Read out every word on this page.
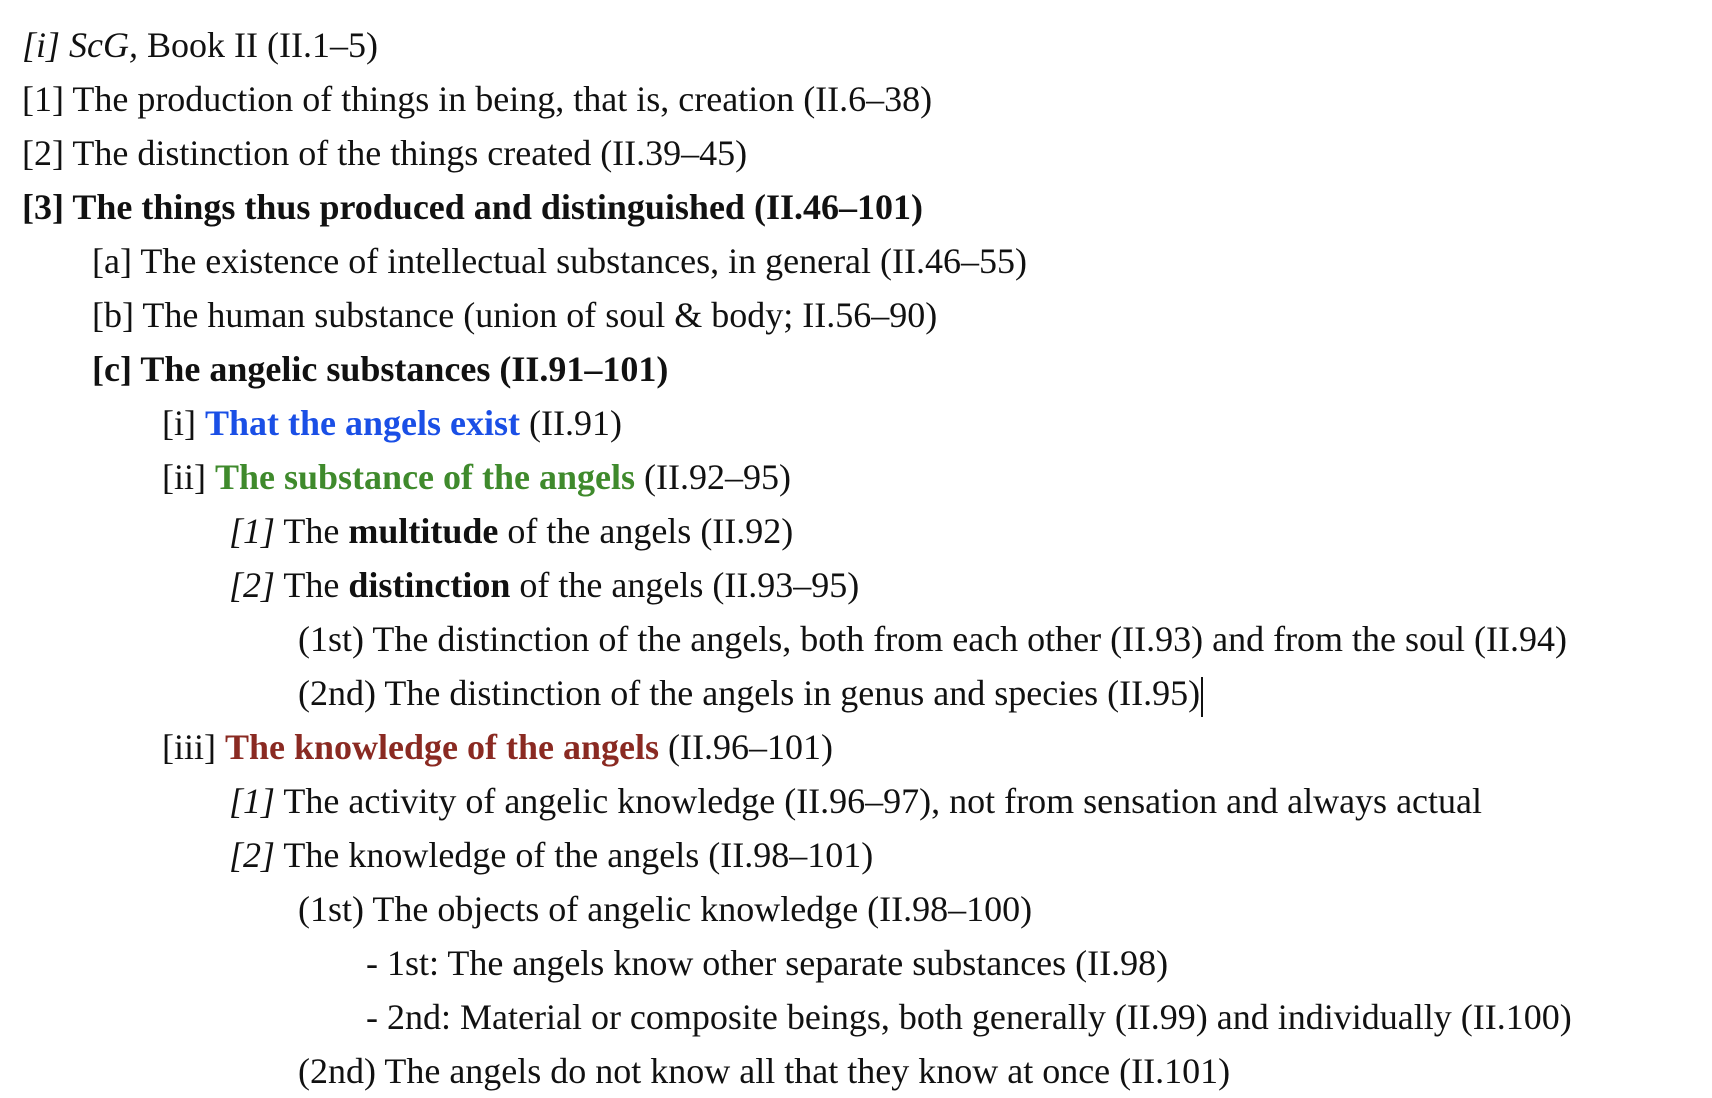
[i] ScG, Book II (II.1–5)
[1] The production of things in being, that is, creation (II.6–38)
[2] The distinction of the things created (II.39–45)
[3] The things thus produced and distinguished (II.46–101)
[a] The existence of intellectual substances, in general (II.46–55)
[b] The human substance (union of soul & body; II.56–90)
[c] The angelic substances (II.91–101)
[i] That the angels exist (II.91)
[ii] The substance of the angels (II.92–95)
[1] The multitude of the angels (II.92)
[2] The distinction of the angels (II.93–95)
(1st) The distinction of the angels, both from each other (II.93) and from the soul (II.94)
(2nd) The distinction of the angels in genus and species (II.95)
[iii] The knowledge of the angels (II.96–101)
[1] The activity of angelic knowledge (II.96–97), not from sensation and always actual
[2] The knowledge of the angels (II.98–101)
(1st) The objects of angelic knowledge (II.98–100)
- 1st: The angels know other separate substances (II.98)
- 2nd: Material or composite beings, both generally (II.99) and individually (II.100)
(2nd) The angels do not know all that they know at once (II.101)
